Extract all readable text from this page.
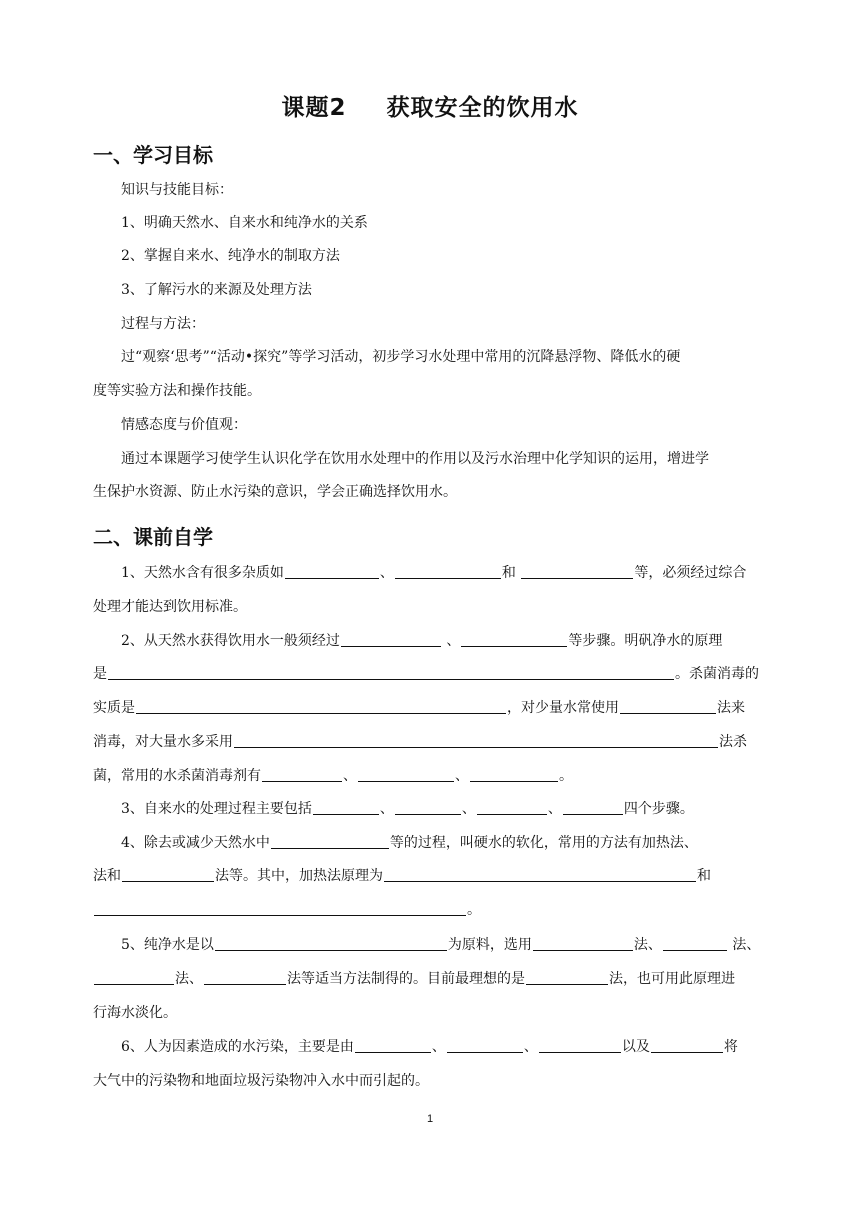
课题2 获取安全的饮用水
一、学习目标
知识与技能目标：
1、明确天然水、自来水和纯净水的关系
2、掌握自来水、纯净水的制取方法
3、了解污水的来源及处理方法
过程与方法：
过“观察‘思考”“活动•探究”等学习活动，初步学习水处理中常用的沉降悬浮物、降低水的硬
度等实验方法和操作技能。
情感态度与价值观：
通过本课题学习使学生认识化学在饮用水处理中的作用以及污水治理中化学知识的运用，增进学
生保护水资源、防止水污染的意识，学会正确选择饮用水。
二、课前自学
1、天然水含有很多杂质如	、	和	等，必须经过综合
处理才能达到饮用标准。
2、从天然水获得饮用水一般须经过	、	等步骤。明矾净水的原理
是	。杀菌消毒的
实质是	，对少量水常使用	法来
消毒，对大量水多采用	法杀
菌，常用的水杀菌消毒剂有	、	、	。
3、自来水的处理过程主要包括	、	、	、	四个步骤。
4、除去或减少天然水中	等的过程，叫硬水的软化，常用的方法有加热法、
法和	法等。其中，加热法原理为	和
。
5、纯净水是以	为原料，选用	法、	法、
法、	法等适当方法制得的。目前最理想的是	法，也可用此原理进
行海水淡化。
6、人为因素造成的水污染，主要是由	、	、	以及	将
大气中的污染物和地面垃圾污染物冲入水中而引起的。
1
